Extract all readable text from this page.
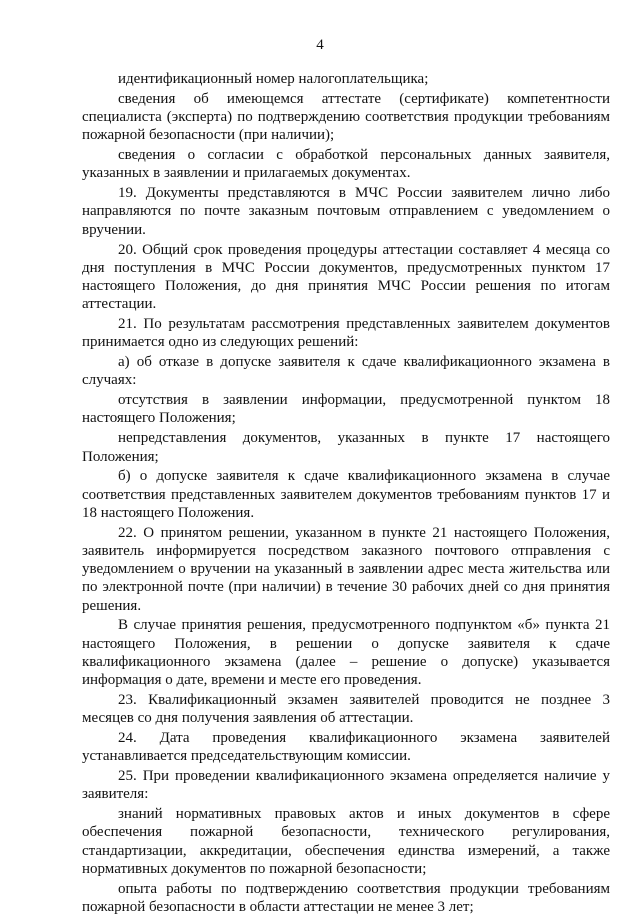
4

идентификационный номер налогоплательщика;

сведения об имеющемся аттестате (сертификате) компетентности специалиста (эксперта) по подтверждению соответствия продукции требованиям пожарной безопасности (при наличии);

сведения о согласии с обработкой персональных данных заявителя, указанных в заявлении и прилагаемых документах.

19. Документы представляются в МЧС России заявителем лично либо направляются по почте заказным почтовым отправлением с уведомлением о вручении.

20. Общий срок проведения процедуры аттестации составляет 4 месяца со дня поступления в МЧС России документов, предусмотренных пунктом 17 настоящего Положения, до дня принятия МЧС России решения по итогам аттестации.

21. По результатам рассмотрения представленных заявителем документов принимается одно из следующих решений:

а) об отказе в допуске заявителя к сдаче квалификационного экзамена в случаях:

отсутствия в заявлении информации, предусмотренной пунктом 18 настоящего Положения;

непредставления документов, указанных в пункте 17 настоящего Положения;

б) о допуске заявителя к сдаче квалификационного экзамена в случае соответствия представленных заявителем документов требованиям пунктов 17 и 18 настоящего Положения.

22. О принятом решении, указанном в пункте 21 настоящего Положения, заявитель информируется посредством заказного почтового отправления с уведомлением о вручении на указанный в заявлении адрес места жительства или по электронной почте (при наличии) в течение 30 рабочих дней со дня принятия решения.

В случае принятия решения, предусмотренного подпунктом «б» пункта 21 настоящего Положения, в решении о допуске заявителя к сдаче квалификационного экзамена (далее – решение о допуске) указывается информация о дате, времени и месте его проведения.

23. Квалификационный экзамен заявителей проводится не позднее 3 месяцев со дня получения заявления об аттестации.

24. Дата проведения квалификационного экзамена заявителей устанавливается председательствующим комиссии.

25. При проведении квалификационного экзамена определяется наличие у заявителя:

знаний нормативных правовых актов и иных документов в сфере обеспечения пожарной безопасности, технического регулирования, стандартизации, аккредитации, обеспечения единства измерений, а также нормативных документов по пожарной безопасности;

опыта работы по подтверждению соответствия продукции требованиям пожарной безопасности в области аттестации не менее 3 лет;
